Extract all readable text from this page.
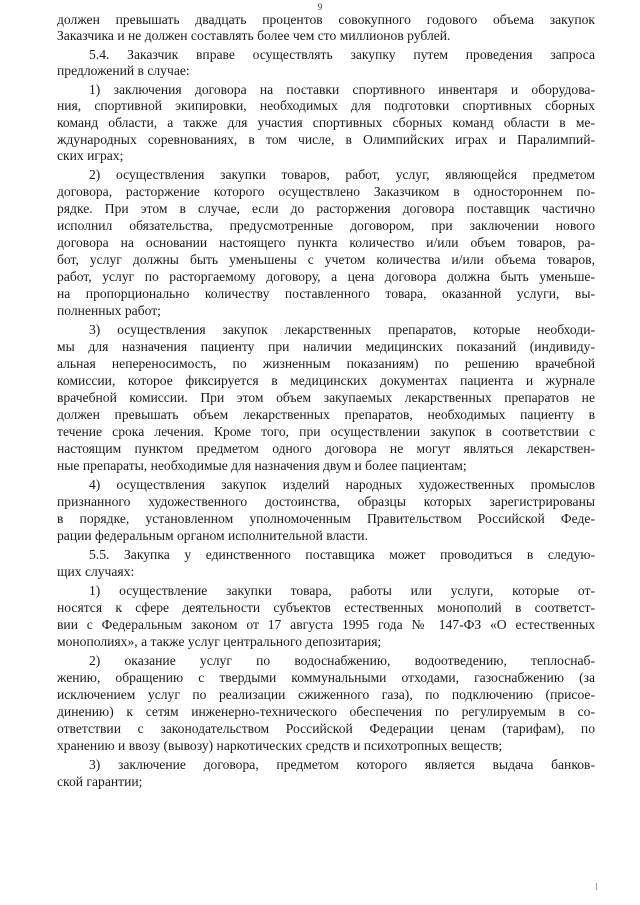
9
должен превышать двадцать процентов совокупного годового объема закупок
Заказчика и не должен составлять более чем сто миллионов рублей.
5.4. Заказчик вправе осуществлять закупку путем проведения запроса
предложений в случае:
1) заключения договора на поставки спортивного инвентаря и оборудова-
ния, спортивной экипировки, необходимых для подготовки спортивных сборных
команд области, а также для участия спортивных сборных команд области в ме-
ждународных соревнованиях, в том числе, в Олимпийских играх и Паралимпий-
ских играх;
2) осуществления закупки товаров, работ, услуг, являющейся предметом
договора, расторжение которого осуществлено Заказчиком в одностороннем по-
рядке. При этом в случае, если до расторжения договора поставщик частично
исполнил обязательства, предусмотренные договором, при заключении нового
договора на основании настоящего пункта количество и/или объем товаров, ра-
бот, услуг должны быть уменьшены с учетом количества и/или объема товаров,
работ, услуг по расторгаемому договору, а цена договора должна быть уменьше-
на пропорционально количеству поставленного товара, оказанной услуги, вы-
полненных работ;
3) осуществления закупок лекарственных препаратов, которые необходи-
мы для назначения пациенту при наличии медицинских показаний (индивиду-
альная непереносимость, по жизненным показаниям) по решению врачебной
комиссии, которое фиксируется в медицинских документах пациента и журнале
врачебной комиссии. При этом объем закупаемых лекарственных препаратов не
должен превышать объем лекарственных препаратов, необходимых пациенту в
течение срока лечения. Кроме того, при осуществлении закупок в соответствии с
настоящим пунктом предметом одного договора не могут являться лекарствен-
ные препараты, необходимые для назначения двум и более пациентам;
4) осуществления закупок изделий народных художественных промыслов
признанного художественного достоинства, образцы которых зарегистрированы
в порядке, установленном уполномоченным Правительством Российской Феде-
рации федеральным органом исполнительной власти.
5.5. Закупка у единственного поставщика может проводиться в следую-
щих случаях:
1) осуществление закупки товара, работы или услуги, которые от-
носятся к сфере деятельности субъектов естественных монополий в соответст-
вии с Федеральным законом от 17 августа 1995 года № 147-ФЗ «О естественных
монополиях», а также услуг центрального депозитария;
2) оказание услуг по водоснабжению, водоотведению, теплоснаб-
жению, обращению с твердыми коммунальными отходами, газоснабжению (за
исключением услуг по реализации сжиженного газа), по подключению (присое-
динению) к сетям инженерно-технического обеспечения по регулируемым в со-
ответствии с законодательством Российской Федерации ценам (тарифам), по
хранению и ввозу (вывозу) наркотических средств и психотропных веществ;
3) заключение договора, предметом которого является выдача банков-
ской гарантии;
